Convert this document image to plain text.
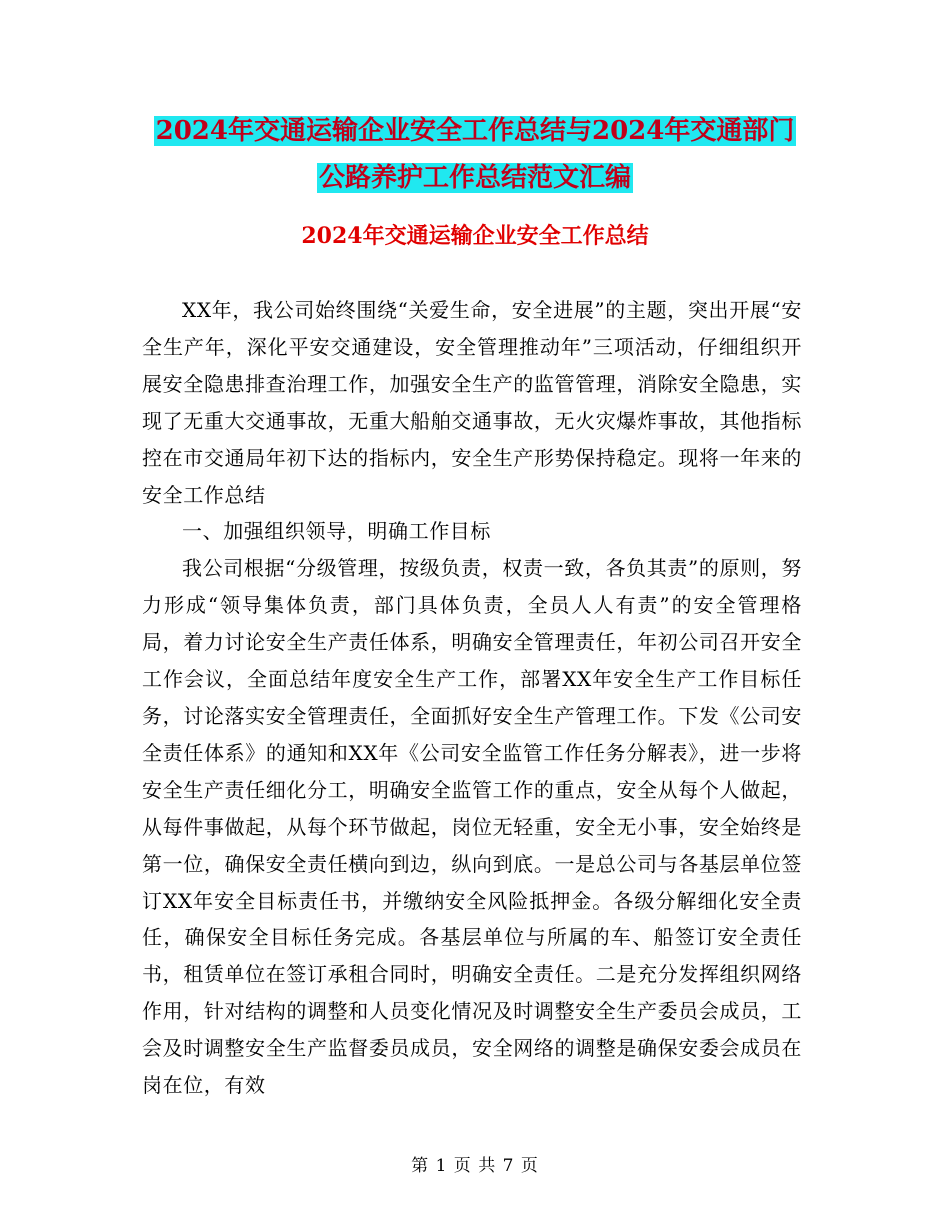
2024年交通运输企业安全工作总结与2024年交通部门
公路养护工作总结范文汇编
2024年交通运输企业安全工作总结

XX年，我公司始终围绕“关爱生命，安全进展”的主题，突出开展“安全生产年，深化平安交通建设，安全管理推动年”三项活动，仔细组织开展安全隐患排查治理工作，加强安全生产的监管管理，消除安全隐患，实现了无重大交通事故，无重大船舶交通事故，无火灾爆炸事故，其他指标控在市交通局年初下达的指标内，安全生产形势保持稳定。现将一年来的安全工作总结

一、加强组织领导，明确工作目标

我公司根据“分级管理，按级负责，权责一致，各负其责”的原则，努力形成“领导集体负责，部门具体负责，全员人人有责”的安全管理格局，着力讨论安全生产责任体系，明确安全管理责任，年初公司召开安全工作会议，全面总结年度安全生产工作，部署XX年安全生产工作目标任务，讨论落实安全管理责任，全面抓好安全生产管理工作。下发《公司安全责任体系》的通知和XX年《公司安全监管工作任务分解表》，进一步将安全生产责任细化分工，明确安全监管工作的重点，安全从每个人做起，从每件事做起，从每个环节做起，岗位无轻重，安全无小事，安全始终是第一位，确保安全责任横向到边，纵向到底。一是总公司与各基层单位签订XX年安全目标责任书，并缴纳安全风险抵押金。各级分解细化安全责任，确保安全目标任务完成。各基层单位与所属的车、船签订安全责任书，租赁单位在签订承租合同时，明确安全责任。二是充分发挥组织网络作用，针对结构的调整和人员变化情况及时调整安全生产委员会成员，工会及时调整安全生产监督委员成员，安全网络的调整是确保安委会成员在岗在位，有效

第 1 页 共 7 页
